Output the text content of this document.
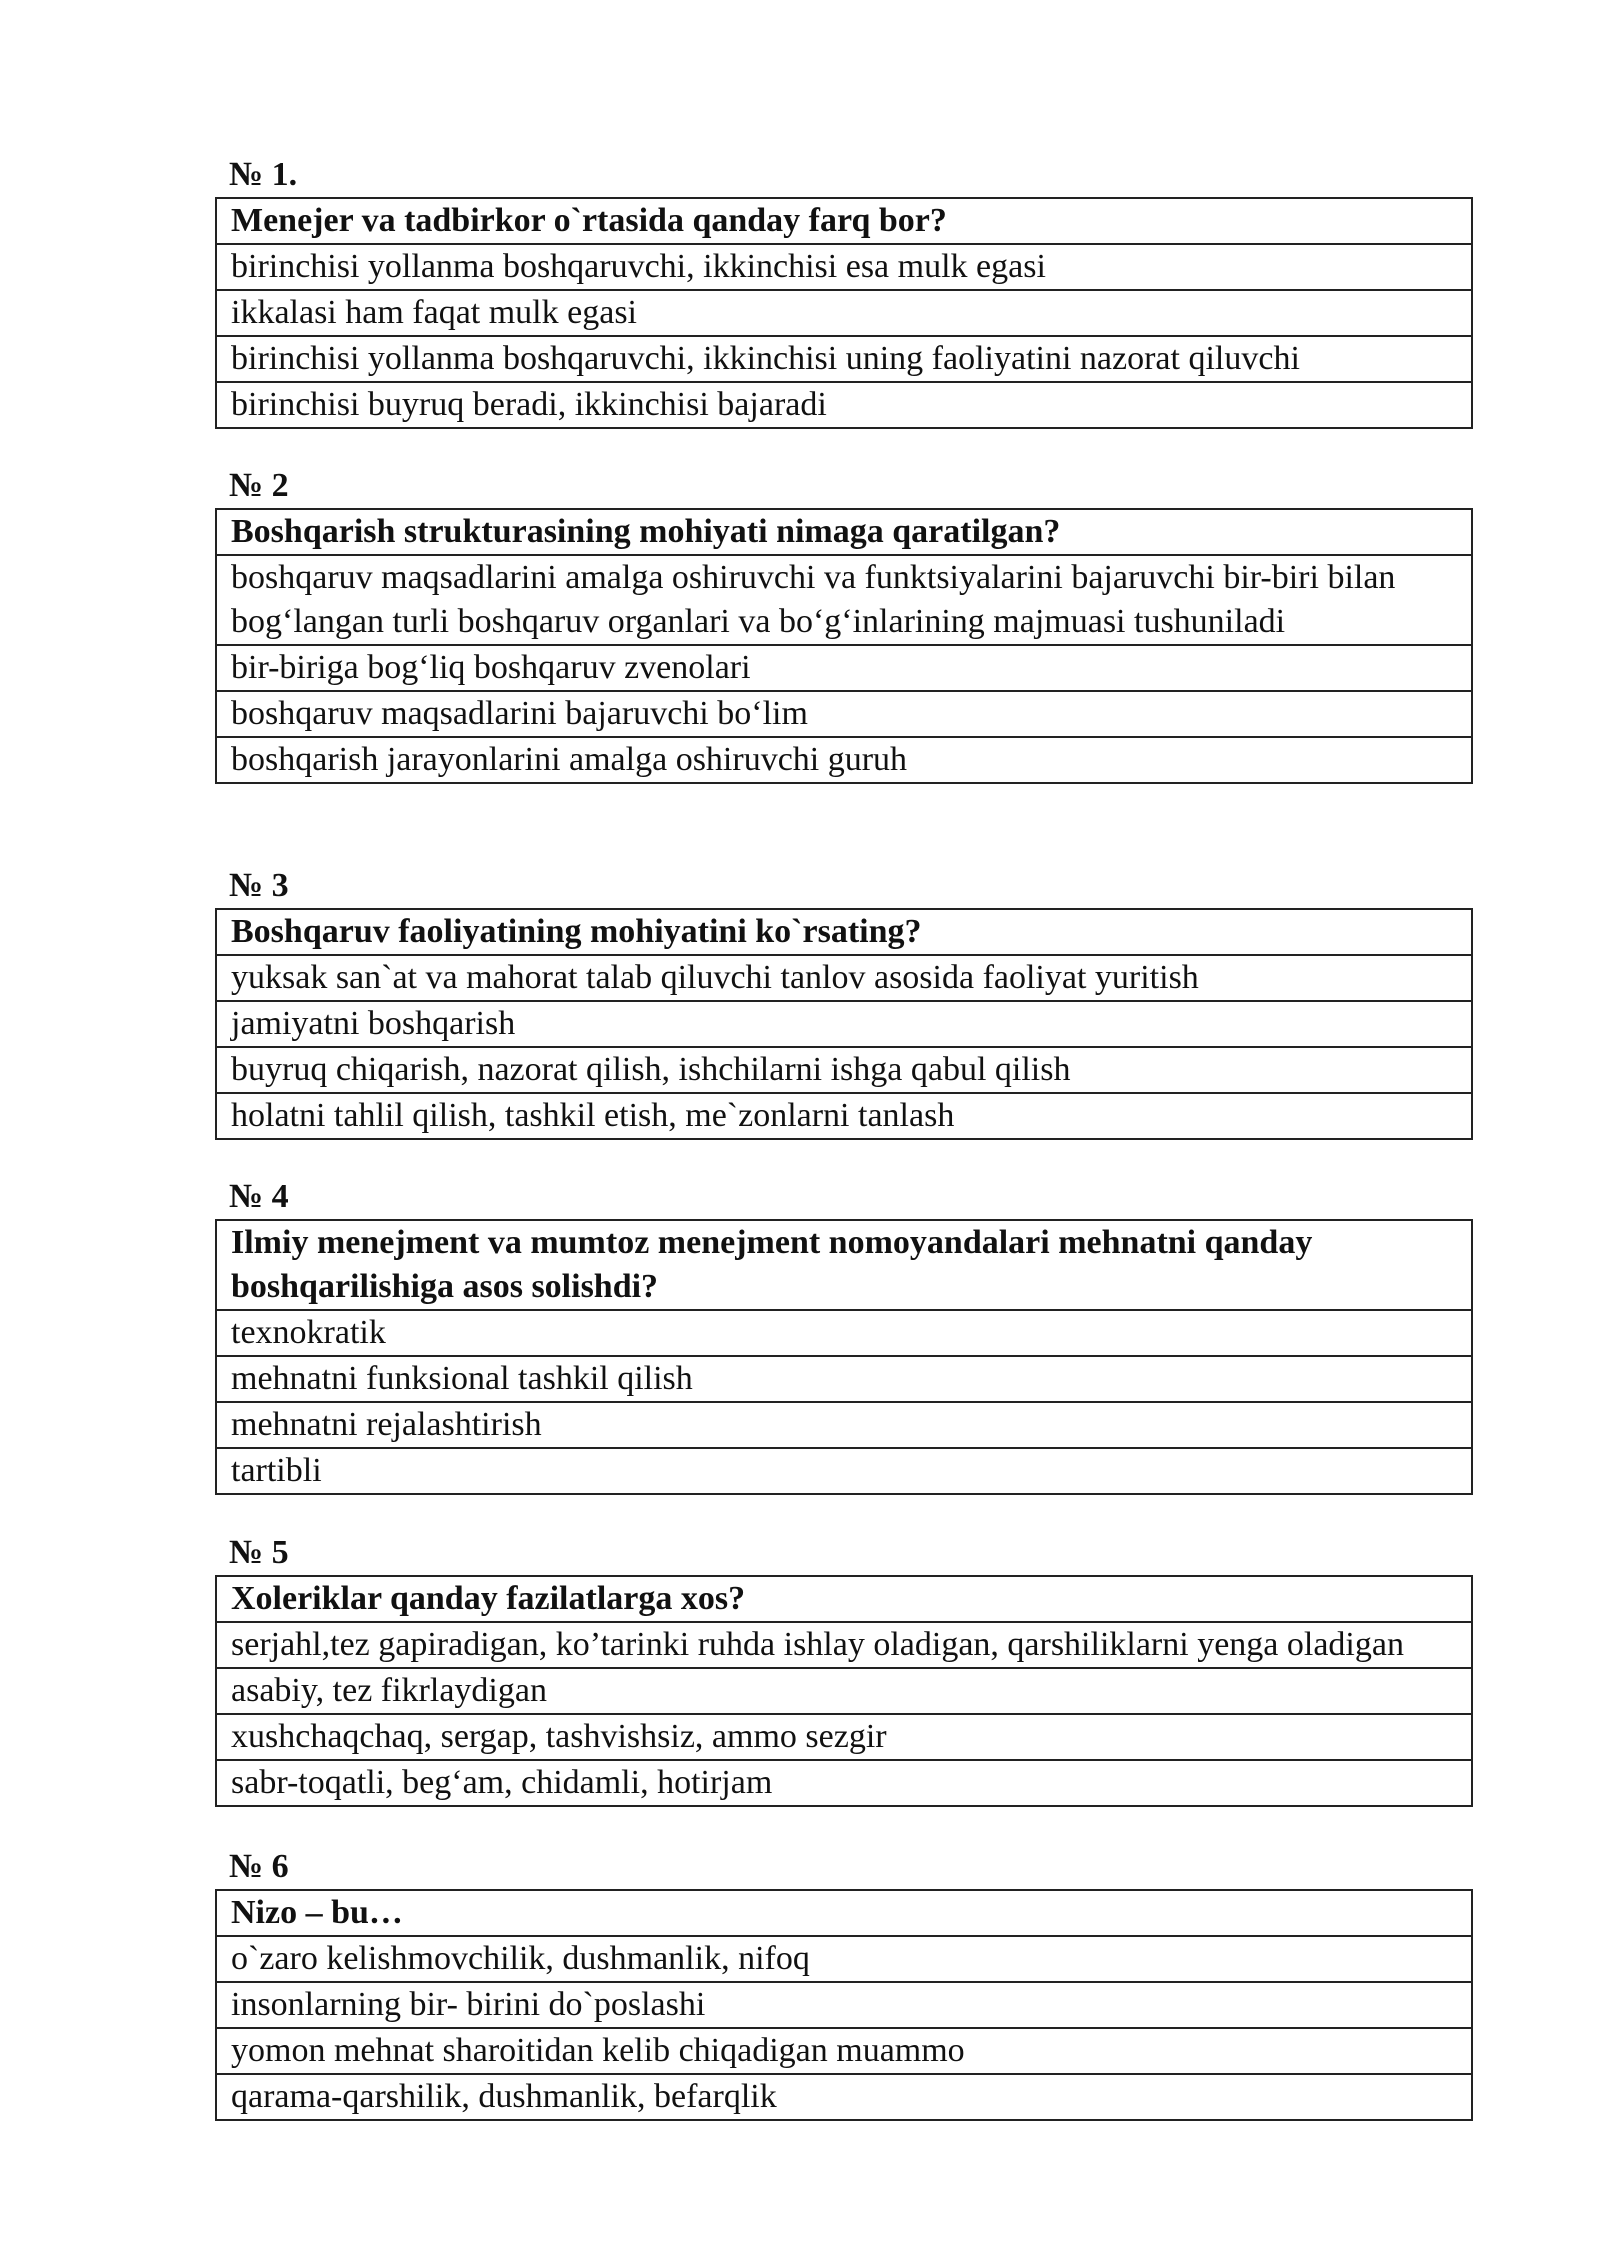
№ 1.
Menejer va tadbirkor o`rtasida qanday farq bor?
birinchisi yollanma boshqaruvchi, ikkinchisi esa mulk egasi
ikkalasi ham faqat mulk egasi
birinchisi yollanma boshqaruvchi, ikkinchisi uning faoliyatini nazorat qiluvchi
birinchisi buyruq beradi, ikkinchisi bajaradi
№ 2
Boshqarish strukturasining mohiyati nimaga qaratilgan?
boshqaruv maqsadlarini amalga oshiruvchi va funktsiyalarini bajaruvchi bir-biri bilan bog‘langan turli boshqaruv organlari va bo‘g‘inlarining majmuasi tushuniladi
bir-biriga bog‘liq boshqaruv zvenolari
boshqaruv maqsadlarini bajaruvchi bo‘lim
boshqarish jarayonlarini amalga oshiruvchi guruh
№ 3
Boshqaruv faoliyatining mohiyatini ko`rsating?
yuksak san`at va mahorat talab qiluvchi tanlov asosida faoliyat yuritish
jamiyatni boshqarish
buyruq chiqarish, nazorat qilish, ishchilarni ishga qabul qilish
holatni tahlil qilish, tashkil etish, me`zonlarni tanlash
№ 4
Ilmiy menejment va mumtoz menejment nomoyandalari mehnatni qanday boshqarilishiga asos solishdi?
texnokratik
mehnatni funksional tashkil qilish
mehnatni rejalashtirish
tartibli
№ 5
Xoleriklar qanday fazilatlarga xos?
serjahl,tez gapiradigan, ko’tarinki ruhda ishlay oladigan, qarshiliklarni yenga oladigan
asabiy, tez fikrlaydigan
xushchaqchaq, sergap, tashvishsiz, ammo sezgir
sabr-toqatli, beg‘am, chidamli, hotirjam
№ 6
Nizo – bu…
o`zaro kelishmovchilik, dushmanlik, nifoq
insonlarning bir- birini do`poslashi
yomon mehnat sharoitidan kelib chiqadigan muammo
qarama-qarshilik, dushmanlik, befarqlik
